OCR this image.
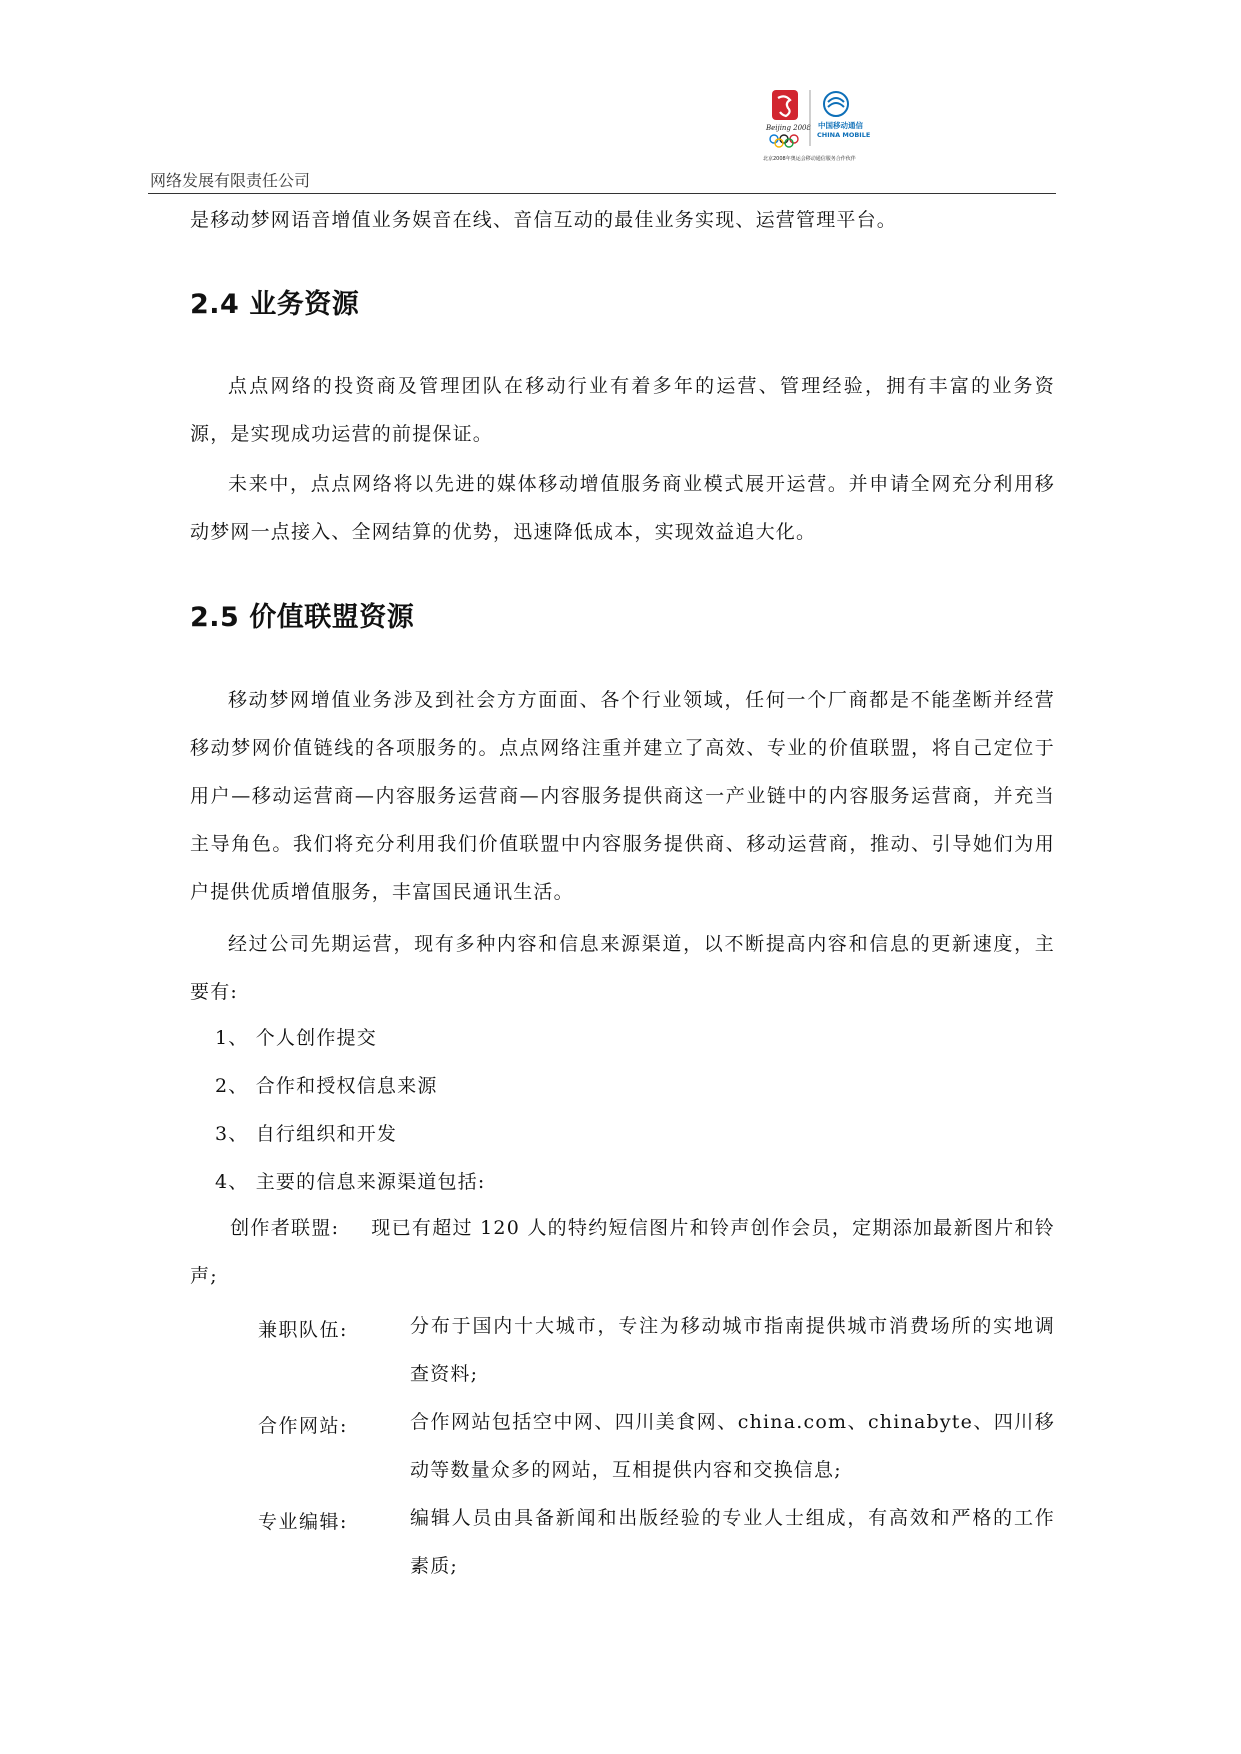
Beijing 2008 中国移动通信
CHINA MOBILE
北京2008年奥运会移动通信服务合作伙伴
网络发展有限责任公司
是移动梦网语音增值业务娱音在线、音信互动的最佳业务实现、运营管理平台。
2.4 业务资源
点点网络的投资商及管理团队在移动行业有着多年的运营、管理经验，拥有丰富的业务资源，是实现成功运营的前提保证。
未来中，点点网络将以先进的媒体移动增值服务商业模式展开运营。并申请全网充分利用移动梦网一点接入、全网结算的优势，迅速降低成本，实现效益追大化。
2.5 价值联盟资源
移动梦网增值业务涉及到社会方方面面、各个行业领域，任何一个厂商都是不能垄断并经营移动梦网价值链线的各项服务的。点点网络注重并建立了高效、专业的价值联盟，将自己定位于用户—移动运营商—内容服务运营商—内容服务提供商这一产业链中的内容服务运营商，并充当主导角色。我们将充分利用我们价值联盟中内容服务提供商、移动运营商，推动、引导她们为用户提供优质增值服务，丰富国民通讯生活。
经过公司先期运营，现有多种内容和信息来源渠道，以不断提高内容和信息的更新速度，主要有:
1、 个人创作提交
2、 合作和授权信息来源
3、 自行组织和开发
4、 主要的信息来源渠道包括:
创作者联盟: 现已有超过 120 人的特约短信图片和铃声创作会员，定期添加最新图片和铃声;
兼职队伍:	分布于国内十大城市，专注为移动城市指南提供城市消费场所的实地调查资料;
合作网站:	合作网站包括空中网、四川美食网、china.com、chinabyte、四川移动等数量众多的网站，互相提供内容和交换信息;
专业编辑:	编辑人员由具备新闻和出版经验的专业人士组成，有高效和严格的工作素质;
